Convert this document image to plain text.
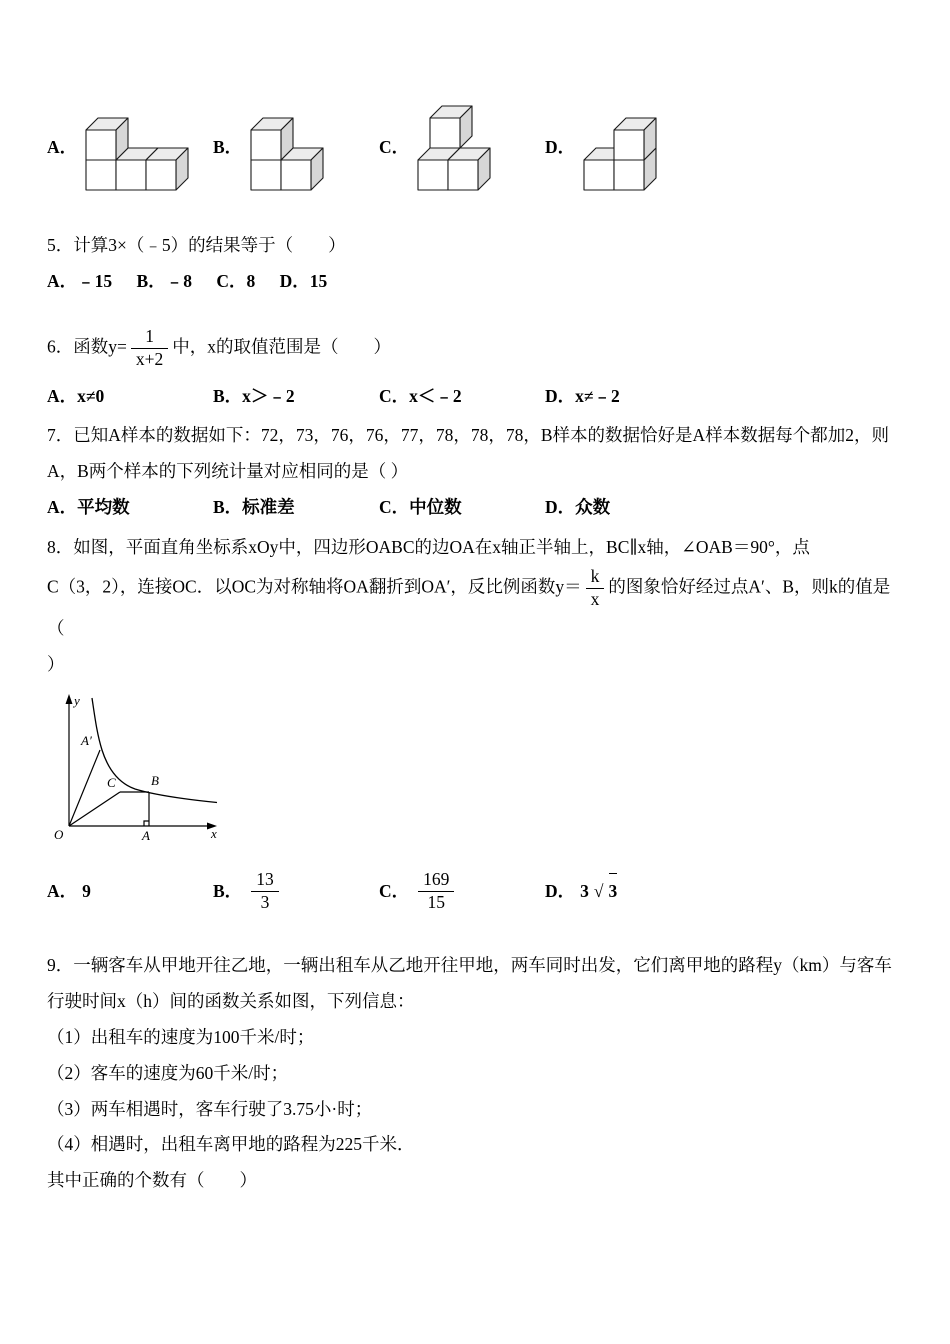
A．	B．	C．	D．

5．计算3×（﹣5）的结果等于（　　）

A．﹣15 B．﹣8 C．8 D．15

6．函数$y= \frac{1}{x+2}$ 中，x的取值范围是（　　）

A．x≠0	B．x＞﹣2	C．x＜﹣2	D．x≠﹣2

7．已知A样本的数据如下：72，73，76，76，77，78，78，78，B样本的数据恰好是A样本数据每个都加2，则

A，B两个样本的下列统计量对应相同的是（ ）

A．平均数	B．标准差	C．中位数	D．众数

8．如图，平面直角坐标系xOy中，四边形OABC的边OA在x轴正半轴上，BC∥x轴，∠OAB＝90°，点

C（3，2），连接OC．以OC为对称轴将OA翻折到OA′，反比例函数$y= \frac{k}{x}$ 的图象恰好经过点A′、B，则k的值是（

）

y
x
O
A′
C	B
A
A． 9	B． $\frac{13}{3}$	C． $\frac{169}{15}$	D． 3 √ 3

9．一辆客车从甲地开往乙地，一辆出租车从乙地开往甲地，两车同时出发，它们离甲地的路程y（km）与客车行驶时间x（h）间的函数关系如图，下列信息：

（1）出租车的速度为100千米/时；

（2）客车的速度为60千米/时；

（3）两车相遇时，客车行驶了3.75小·时；

（4）相遇时，出租车离甲地的路程为225千米．

其中正确的个数有（　　）
